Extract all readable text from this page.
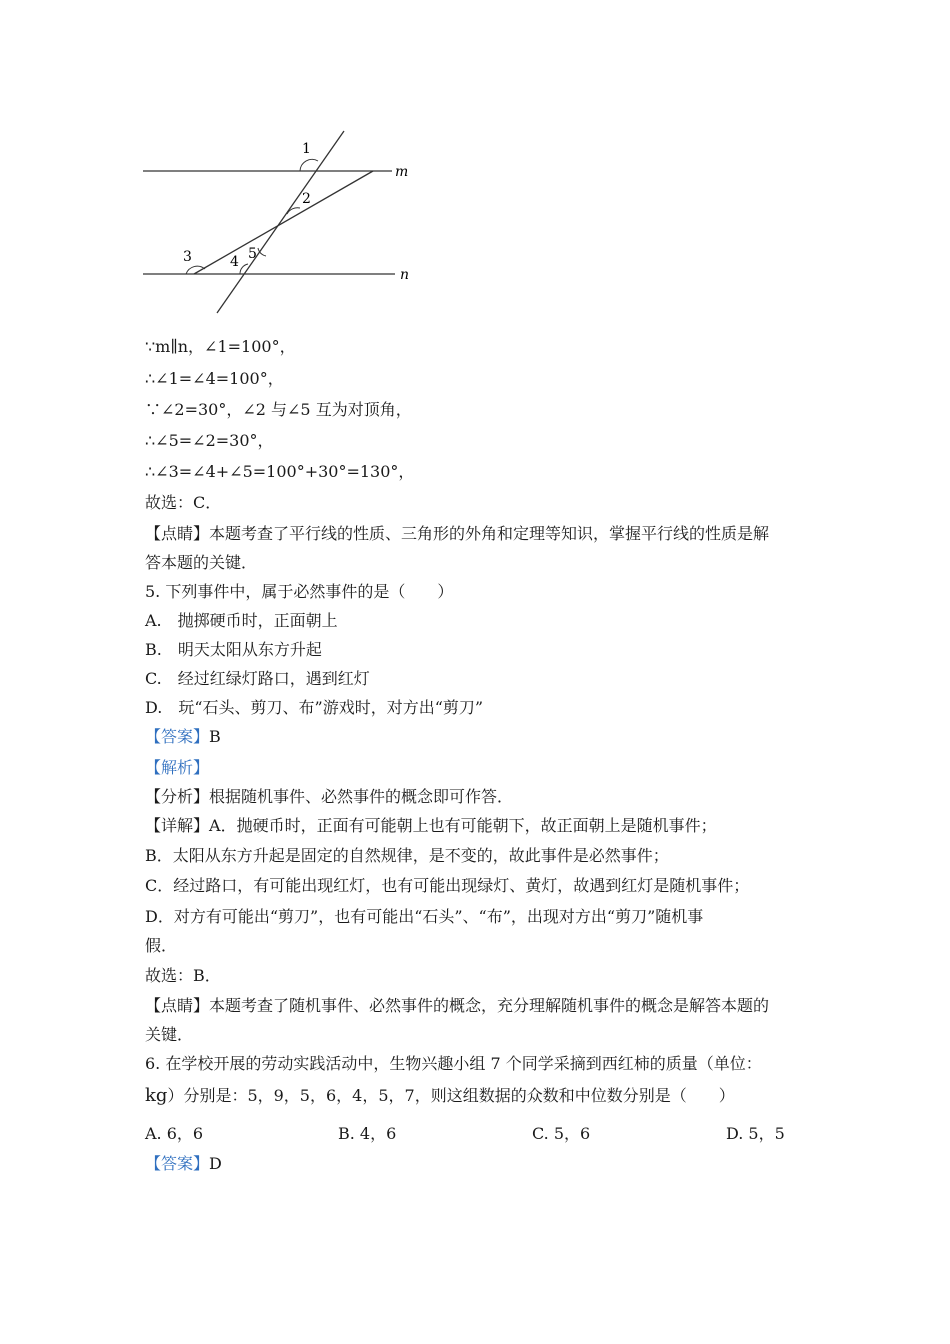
1
2
3	4 5
m
n
∵m∥n，∠1=100°，
∴∠1=∠4=100°，
∵∠2=30°，∠2 与∠5 互为对顶角，
∴∠5=∠2=30°，
∴∠3=∠4+∠5=100°+30°=130°，
故选：C．
【点睛】本题考查了平行线的性质、三角形的外角和定理等知识，掌握平行线的性质是解
答本题的关键．
5. 下列事件中，属于必然事件的是（　　）
A.　抛掷硬币时，正面朝上
B.　明天太阳从东方升起
C.　经过红绿灯路口，遇到红灯
D.　玩“石头、剪刀、布”游戏时，对方出“剪刀”
【答案】B
【解析】
【分析】根据随机事件、必然事件的概念即可作答．
【详解】A．抛硬币时，正面有可能朝上也有可能朝下，故正面朝上是随机事件；
B．太阳从东方升起是固定的自然规律，是不变的，故此事件是必然事件；
C．经过路口，有可能出现红灯，也有可能出现绿灯、黄灯，故遇到红灯是随机事件；
D．对方有可能出“剪刀”，也有可能出“石头”、“布”，出现对方出“剪刀”随机事
假．
故选：B．
【点睛】本题考查了随机事件、必然事件的概念，充分理解随机事件的概念是解答本题的
关键．
6. 在学校开展的劳动实践活动中，生物兴趣小组 7 个同学采摘到西红柿的质量（单位：
kg）分别是：5，9，5，6，4，5，7，则这组数据的众数和中位数分别是（　　）
A. 6，6	B. 4，6	C. 5，6	D. 5，5
【答案】D
